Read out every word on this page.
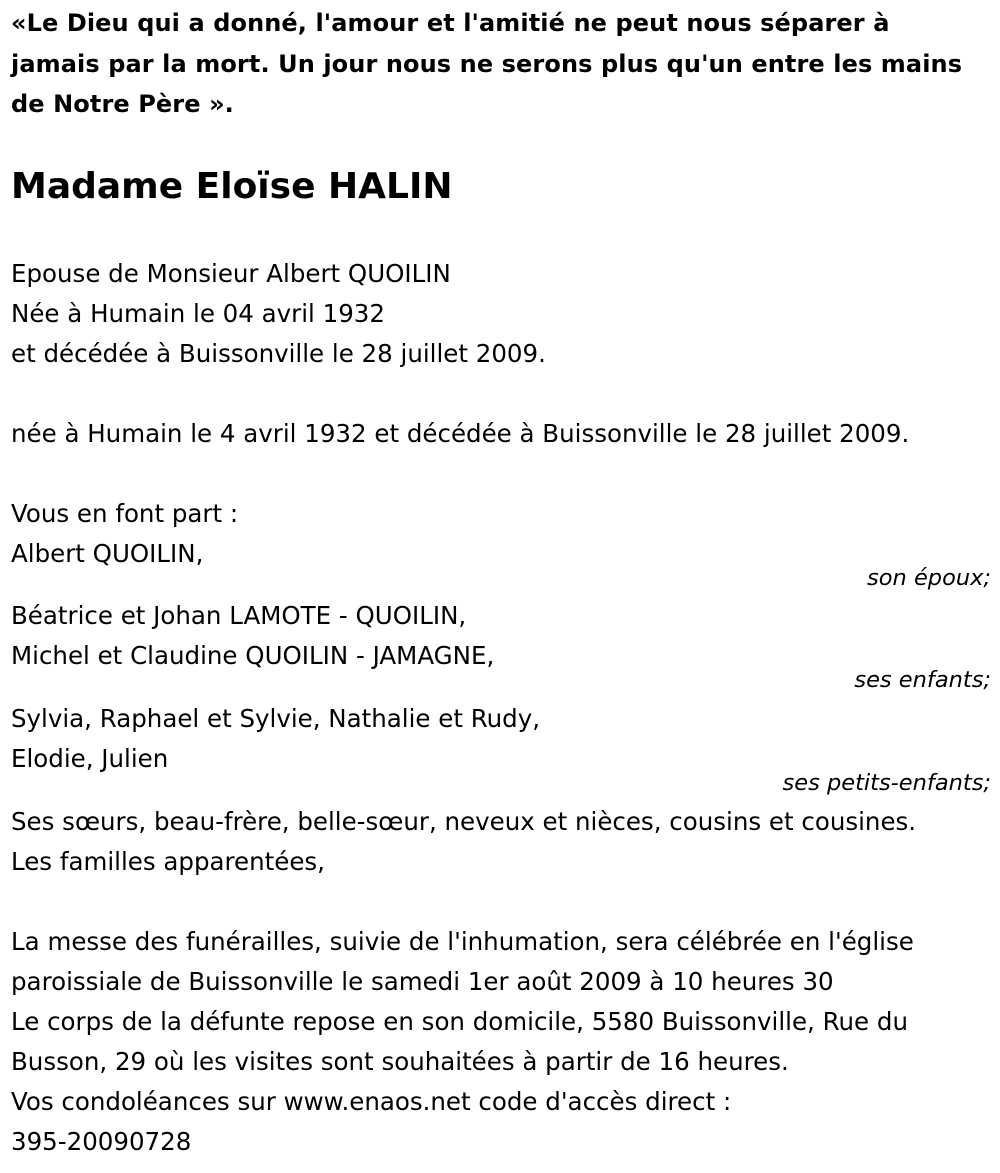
«Le Dieu qui a donné, l'amour et l'amitié ne peut nous séparer à
jamais par la mort. Un jour nous ne serons plus qu'un entre les mains
de Notre Père ».
Madame Eloïse HALIN
Epouse de Monsieur Albert QUOILIN
Née à Humain le 04 avril 1932
et décédée à Buissonville le 28 juillet 2009.
née à Humain le 4 avril 1932 et décédée à Buissonville le 28 juillet 2009.
Vous en font part :
Albert QUOILIN,
son époux;
Béatrice et Johan LAMOTE - QUOILIN,
Michel et Claudine QUOILIN - JAMAGNE,
ses enfants;
Sylvia, Raphael et Sylvie, Nathalie et Rudy,
Elodie, Julien
ses petits-enfants;
Ses sœurs, beau-frère, belle-sœur, neveux et nièces, cousins et cousines.
Les familles apparentées,
La messe des funérailles, suivie de l'inhumation, sera célébrée en l'église
paroissiale de Buissonville le samedi 1er août 2009 à 10 heures 30
Le corps de la défunte repose en son domicile, 5580 Buissonville, Rue du
Busson, 29 où les visites sont souhaitées à partir de 16 heures.
Vos condoléances sur www.enaos.net code d'accès direct :
395-20090728
